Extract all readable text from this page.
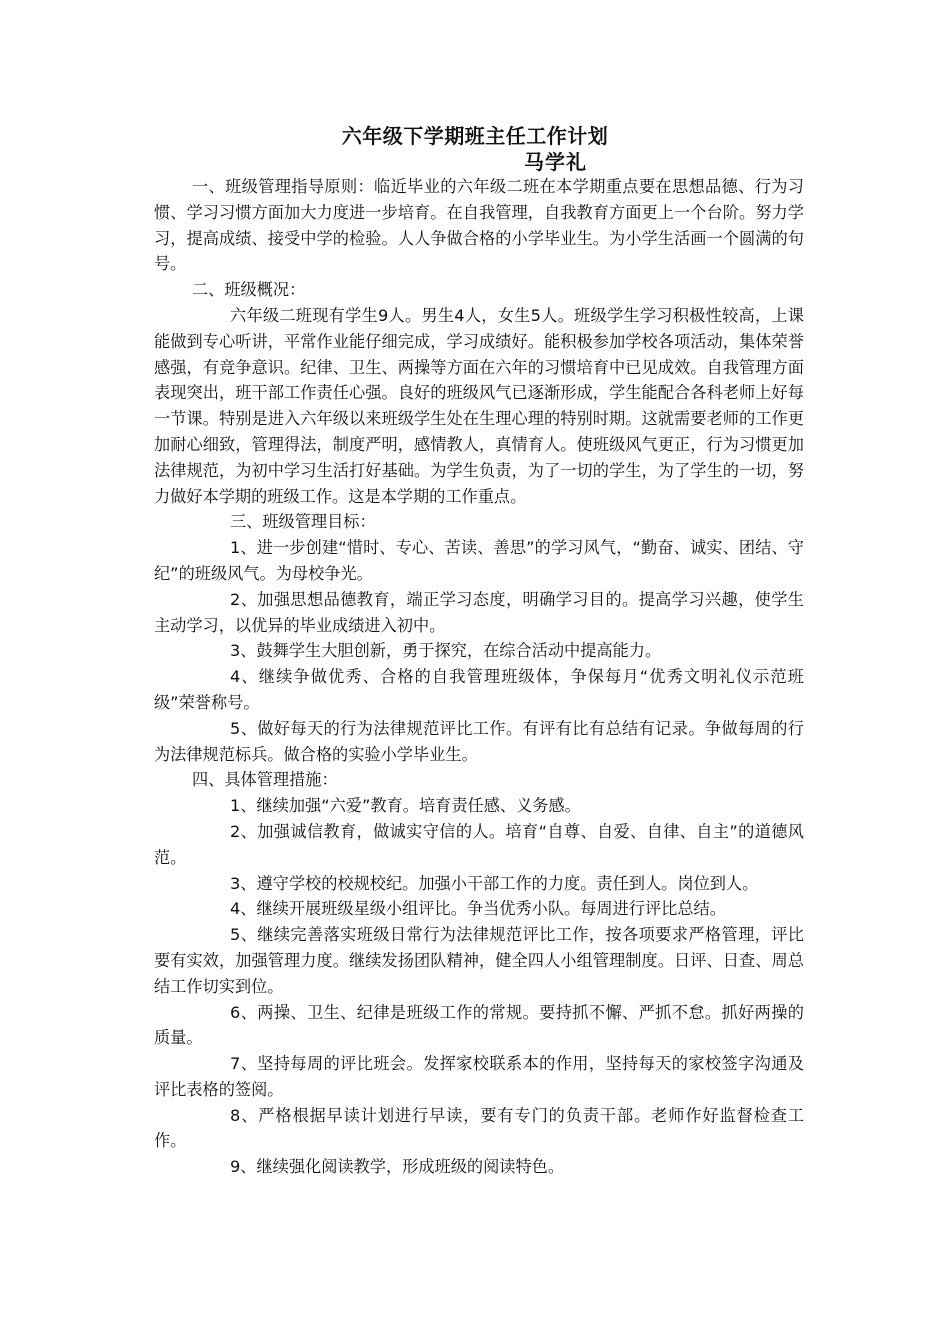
六年级下学期班主任工作计划
马学礼

一、班级管理指导原则：临近毕业的六年级二班在本学期重点要在思想品德、行为习惯、学习习惯方面加大力度进一步培育。在自我管理，自我教育方面更上一个台阶。努力学习，提高成绩、接受中学的检验。人人争做合格的小学毕业生。为小学生活画一个圆满的句号。

二、班级概况：

六年级二班现有学生9人。男生4人，女生5人。班级学生学习积极性较高，上课能做到专心听讲，平常作业能仔细完成，学习成绩好。能积极参加学校各项活动，集体荣誉感强，有竞争意识。纪律、卫生、两操等方面在六年的习惯培育中已见成效。自我管理方面表现突出，班干部工作责任心强。良好的班级风气已逐渐形成，学生能配合各科老师上好每一节课。特别是进入六年级以来班级学生处在生理心理的特别时期。这就需要老师的工作更加耐心细致，管理得法，制度严明，感情教人，真情育人。使班级风气更正，行为习惯更加法律规范，为初中学习生活打好基础。为学生负责，为了一切的学生，为了学生的一切，努力做好本学期的班级工作。这是本学期的工作重点。

三、班级管理目标：

1、进一步创建“惜时、专心、苦读、善思”的学习风气，“勤奋、诚实、团结、守纪”的班级风气。为母校争光。

2、加强思想品德教育，端正学习态度，明确学习目的。提高学习兴趣，使学生主动学习，以优异的毕业成绩进入初中。

3、鼓舞学生大胆创新，勇于探究，在综合活动中提高能力。

4、继续争做优秀、合格的自我管理班级体，争保每月“优秀文明礼仪示范班级”荣誉称号。

5、做好每天的行为法律规范评比工作。有评有比有总结有记录。争做每周的行为法律规范标兵。做合格的实验小学毕业生。

四、具体管理措施：

1、继续加强“六爱”教育。培育责任感、义务感。

2、加强诚信教育，做诚实守信的人。培育“自尊、自爱、自律、自主”的道德风范。

3、遵守学校的校规校纪。加强小干部工作的力度。责任到人。岗位到人。

4、继续开展班级星级小组评比。争当优秀小队。每周进行评比总结。

5、继续完善落实班级日常行为法律规范评比工作，按各项要求严格管理，评比要有实效，加强管理力度。继续发扬团队精神，健全四人小组管理制度。日评、日查、周总结工作切实到位。

6、两操、卫生、纪律是班级工作的常规。要持抓不懈、严抓不怠。抓好两操的质量。

7、坚持每周的评比班会。发挥家校联系本的作用，坚持每天的家校签字沟通及评比表格的签阅。

8、严格根据早读计划进行早读，要有专门的负责干部。老师作好监督检查工作。

9、继续强化阅读教学，形成班级的阅读特色。
